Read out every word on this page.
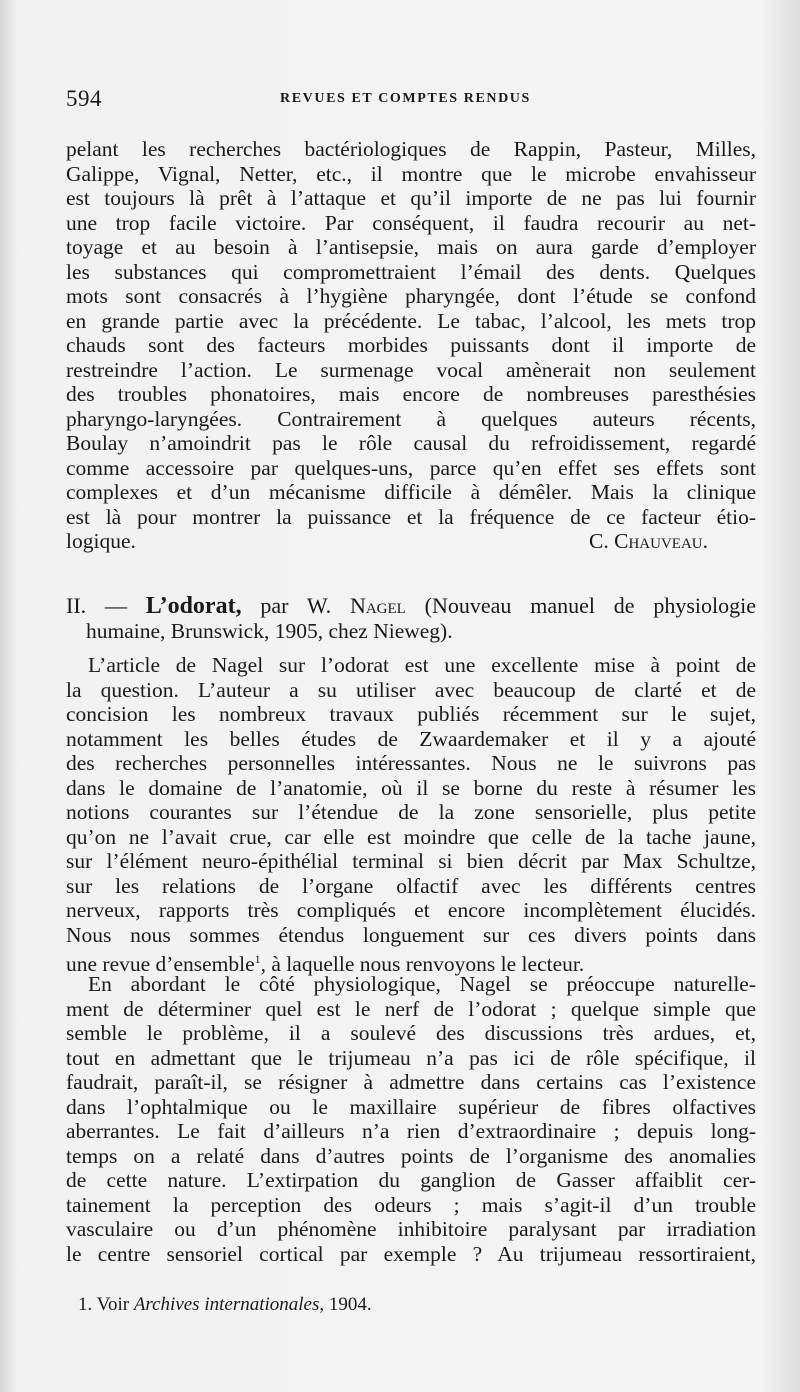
594	REVUES ET COMPTES RENDUS
pelant les recherches bactériologiques de Rappin, Pasteur, Milles,
Galippe, Vignal, Netter, etc., il montre que le microbe envahisseur
est toujours là prêt à l’attaque et qu’il importe de ne pas lui fournir
une trop facile victoire. Par conséquent, il faudra recourir au net-
toyage et au besoin à l’antisepsie, mais on aura garde d’employer
les substances qui compromettraient l’émail des dents. Quelques
mots sont consacrés à l’hygiène pharyngée, dont l’étude se confond
en grande partie avec la précédente. Le tabac, l’alcool, les mets trop
chauds sont des facteurs morbides puissants dont il importe de
restreindre l’action. Le surmenage vocal amènerait non seulement
des troubles phonatoires, mais encore de nombreuses paresthésies
pharyngo-laryngées. Contrairement à quelques auteurs récents,
Boulay n’amoindrit pas le rôle causal du refroidissement, regardé
comme accessoire par quelques-uns, parce qu’en effet ses effets sont
complexes et d’un mécanisme difficile à démêler. Mais la clinique
est là pour montrer la puissance et la fréquence de ce facteur étio-
logique.	C. Chauveau.
II. — L’odorat, par W. Nagel (Nouveau manuel de physiologie
humaine, Brunswick, 1905, chez Nieweg).
L’article de Nagel sur l’odorat est une excellente mise à point de
la question. L’auteur a su utiliser avec beaucoup de clarté et de
concision les nombreux travaux publiés récemment sur le sujet,
notamment les belles études de Zwaardemaker et il y a ajouté
des recherches personnelles intéressantes. Nous ne le suivrons pas
dans le domaine de l’anatomie, où il se borne du reste à résumer les
notions courantes sur l’étendue de la zone sensorielle, plus petite
qu’on ne l’avait crue, car elle est moindre que celle de la tache jaune,
sur l’élément neuro-épithélial terminal si bien décrit par Max Schultze,
sur les relations de l’organe olfactif avec les différents centres
nerveux, rapports très compliqués et encore incomplètement élucidés.
Nous nous sommes étendus longuement sur ces divers points dans
une revue d’ensemble$^1$, à laquelle nous renvoyons le lecteur.
En abordant le côté physiologique, Nagel se préoccupe naturelle-
ment de déterminer quel est le nerf de l’odorat ; quelque simple que
semble le problème, il a soulevé des discussions très ardues, et,
tout en admettant que le trijumeau n’a pas ici de rôle spécifique, il
faudrait, paraît-il, se résigner à admettre dans certains cas l’existence
dans l’ophtalmique ou le maxillaire supérieur de fibres olfactives
aberrantes. Le fait d’ailleurs n’a rien d’extraordinaire ; depuis long-
temps on a relaté dans d’autres points de l’organisme des anomalies
de cette nature. L’extirpation du ganglion de Gasser affaiblit cer-
tainement la perception des odeurs ; mais s’agit-il d’un trouble
vasculaire ou d’un phénomène inhibitoire paralysant par irradiation
le centre sensoriel cortical par exemple ? Au trijumeau ressortiraient,
1. Voir Archives internationales, 1904.
